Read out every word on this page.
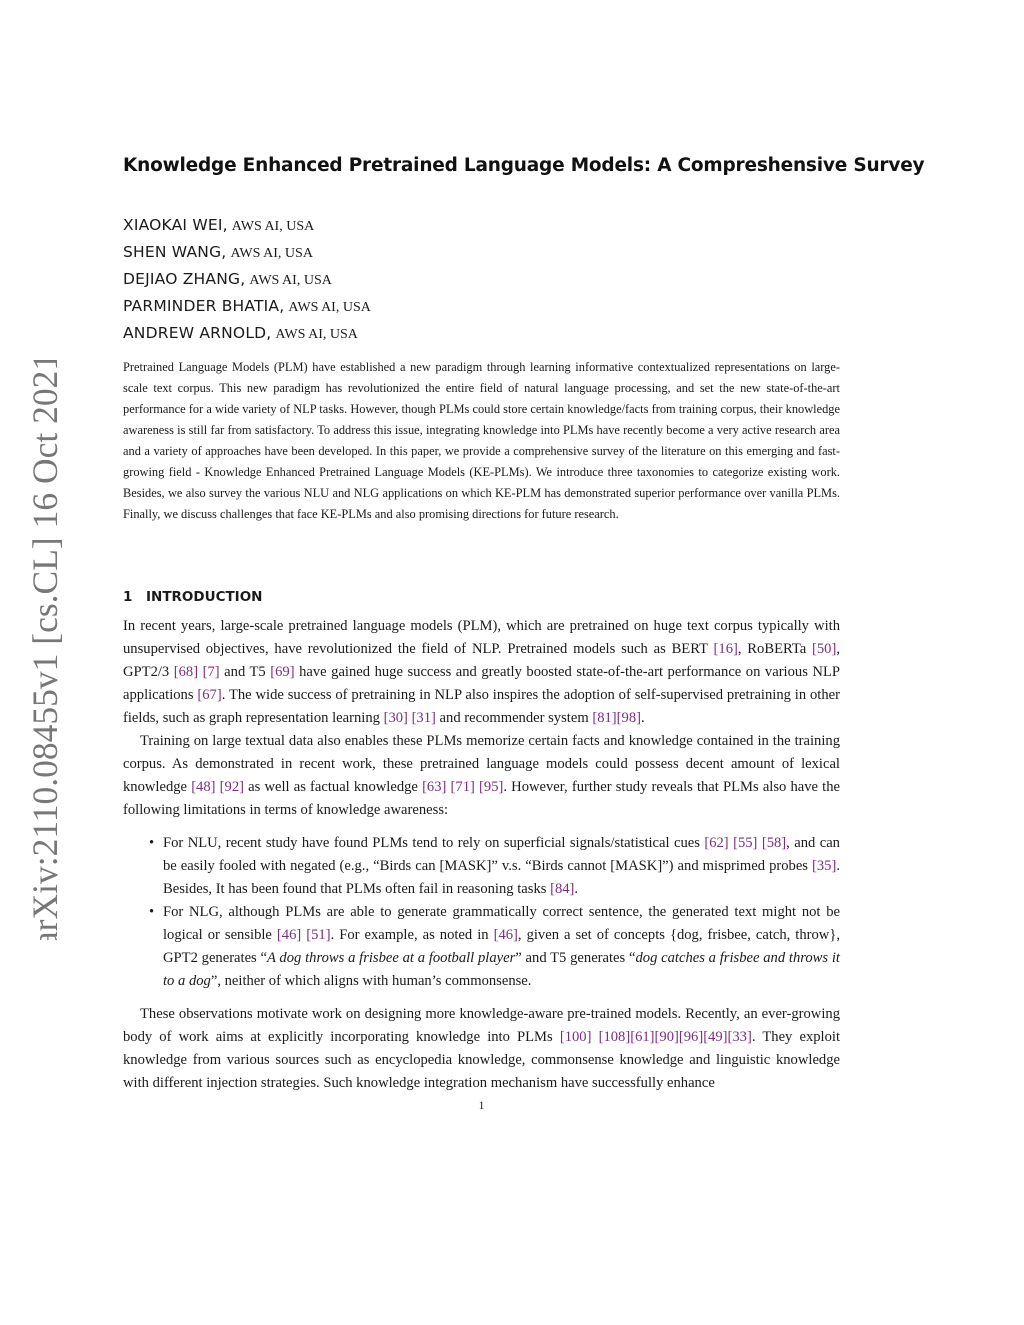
arXiv:2110.08455v1 [cs.CL] 16 Oct 2021
Knowledge Enhanced Pretrained Language Models: A Compreshensive Survey
XIAOKAI WEI, AWS AI, USA
SHEN WANG, AWS AI, USA
DEJIAO ZHANG, AWS AI, USA
PARMINDER BHATIA, AWS AI, USA
ANDREW ARNOLD, AWS AI, USA
Pretrained Language Models (PLM) have established a new paradigm through learning informative contextualized representations on large-scale text corpus. This new paradigm has revolutionized the entire field of natural language processing, and set the new state-of-the-art performance for a wide variety of NLP tasks. However, though PLMs could store certain knowledge/facts from training corpus, their knowledge awareness is still far from satisfactory. To address this issue, integrating knowledge into PLMs have recently become a very active research area and a variety of approaches have been developed. In this paper, we provide a comprehensive survey of the literature on this emerging and fast-growing field - Knowledge Enhanced Pretrained Language Models (KE-PLMs). We introduce three taxonomies to categorize existing work. Besides, we also survey the various NLU and NLG applications on which KE-PLM has demonstrated superior performance over vanilla PLMs. Finally, we discuss challenges that face KE-PLMs and also promising directions for future research.
1 INTRODUCTION

In recent years, large-scale pretrained language models (PLM), which are pretrained on huge text corpus typically with unsupervised objectives, have revolutionized the field of NLP. Pretrained models such as BERT [16], RoBERTa [50], GPT2/3 [68] [7] and T5 [69] have gained huge success and greatly boosted state-of-the-art performance on various NLP applications [67]. The wide success of pretraining in NLP also inspires the adoption of self-supervised pretraining in other fields, such as graph representation learning [30] [31] and recommender system [81][98].

Training on large textual data also enables these PLMs memorize certain facts and knowledge contained in the training corpus. As demonstrated in recent work, these pretrained language models could possess decent amount of lexical knowledge [48] [92] as well as factual knowledge [63] [71] [95]. However, further study reveals that PLMs also have the following limitations in terms of knowledge awareness:

• For NLU, recent study have found PLMs tend to rely on superficial signals/statistical cues [62] [55] [58], and can be easily fooled with negated (e.g., “Birds can [MASK]” v.s. “Birds cannot [MASK]”) and misprimed probes [35]. Besides, It has been found that PLMs often fail in reasoning tasks [84].
• For NLG, although PLMs are able to generate grammatically correct sentence, the generated text might not be logical or sensible [46] [51]. For example, as noted in [46], given a set of concepts {dog, frisbee, catch, throw}, GPT2 generates “A dog throws a frisbee at a football player” and T5 generates “dog catches a frisbee and throws it to a dog”, neither of which aligns with human’s commonsense.

These observations motivate work on designing more knowledge-aware pre-trained models. Recently, an ever-growing body of work aims at explicitly incorporating knowledge into PLMs [100] [108][61][90][96][49][33]. They exploit knowledge from various sources such as encyclopedia knowledge, commonsense knowledge and linguistic knowledge with different injection strategies. Such knowledge integration mechanism have successfully enhance

1
